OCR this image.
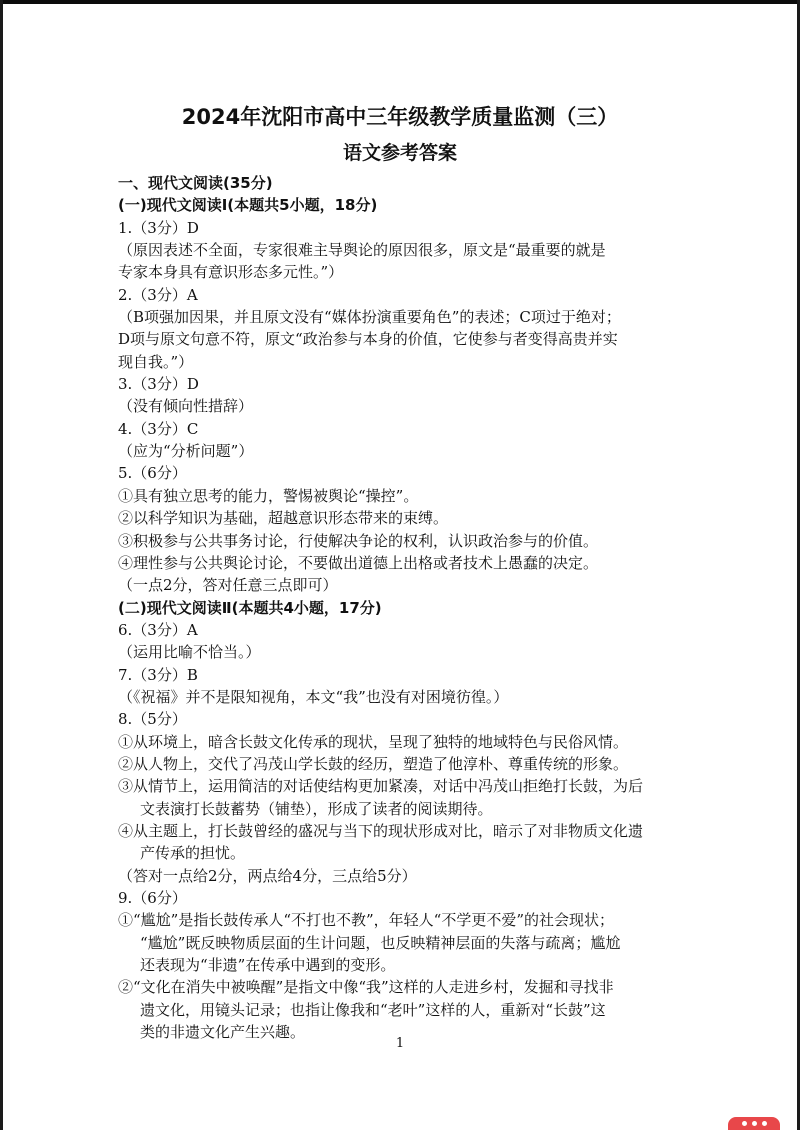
2024年沈阳市高中三年级教学质量监测（三）
语文参考答案
一、现代文阅读(35分)
(一)现代文阅读Ⅰ(本题共5小题，18分)
1.（3分）D
（原因表述不全面，专家很难主导舆论的原因很多，原文是“最重要的就是
专家本身具有意识形态多元性。”）
2.（3分）A
（B项强加因果，并且原文没有“媒体扮演重要角色”的表述；C项过于绝对；
D项与原文句意不符，原文“政治参与本身的价值，它使参与者变得高贵并实
现自我。”）
3.（3分）D
（没有倾向性措辞）
4.（3分）C
（应为“分析问题”）
5.（6分）
①具有独立思考的能力，警惕被舆论“操控”。
②以科学知识为基础，超越意识形态带来的束缚。
③积极参与公共事务讨论，行使解决争论的权利，认识政治参与的价值。
④理性参与公共舆论讨论，不要做出道德上出格或者技术上愚蠢的决定。
（一点2分，答对任意三点即可）
(二)现代文阅读Ⅱ(本题共4小题，17分)
6.（3分）A
（运用比喻不恰当。）
7.（3分）B
（《祝福》并不是限知视角，本文“我”也没有对困境彷徨。）
8.（5分）
①从环境上，暗含长鼓文化传承的现状，呈现了独特的地域特色与民俗风情。
②从人物上，交代了冯茂山学长鼓的经历，塑造了他淳朴、尊重传统的形象。
③从情节上，运用简洁的对话使结构更加紧凑，对话中冯茂山拒绝打长鼓，为后
文表演打长鼓蓄势（铺垫），形成了读者的阅读期待。
④从主题上，打长鼓曾经的盛况与当下的现状形成对比，暗示了对非物质文化遗
产传承的担忧。
（答对一点给2分，两点给4分，三点给5分）
9.（6分）
①“尴尬”是指长鼓传承人“不打也不教”，年轻人“不学更不爱”的社会现状；
“尴尬”既反映物质层面的生计问题，也反映精神层面的失落与疏离；尴尬
还表现为“非遗”在传承中遇到的变形。
②“文化在消失中被唤醒”是指文中像“我”这样的人走进乡村，发掘和寻找非
遗文化，用镜头记录；也指让像我和“老叶”这样的人，重新对“长鼓”这
类的非遗文化产生兴趣。
1
